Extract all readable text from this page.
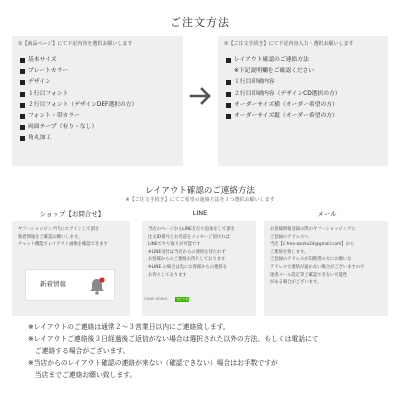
ご注文方法
①【商品ページ】にて下記内容を選択お願いします
基本サイズ
プレートカラー
デザイン
１行目フォント
２行目フォント（デザインDEF選択の方）
フォント・帯カラー
両面テープ（有り・なし）
角丸加工
②【ご注文手続き】にて下記内容入力・選択お願いします
レイアウト確認のご連絡方法
※下記説明欄をご確認ください
１行目印刷内容
２行目印刷内容（デザインCD選択の方）
オーダーサイズ横（オーダー希望の方）
オーダーサイズ縦（オーダー希望の方）
レイアウト確認のご連絡方法
※【ご注文手続き】にてご希望の連絡方法を１つ選択お願いします
ショップ【お問合せ】	LINE	メール
ヤフーショッピング内にログインして頂き
新着情報をご確認お願いします。
チャット機能でレイアウト画像を確認できます
当店のページからLINE友だち追加をして頂き
注文ID番号とお名前をメッセージ頂ければ
LINEでやり取りが可能です
※LINE受付は当店からの連絡を待たれず
お客様からのご連絡お待ちしております
※LINE の場合は先にお客様からの連絡を
お待ちしております
お客様情報登録の際のヤフーショッピングに
ご登録のアドレスへ
当店【c.free.works24@gmail.com】から
ご連絡を致します。
ご登録のアドレスが旧携帯の方にお願いな
アドレスで連絡が届かない場合がございますので
迷惑メール設定等ご確認できない可能性
がある場合がございます。
新着情報
FUJINE WORKS	友だち追加
※レイアウトのご連絡は通常２〜３営業日以内にご連絡致します。
※レイアウトご連絡後３日経過後ご返信がない場合は選択された以外の方法、もしくは電話にて
　ご連絡する場合がございます。
※当店からのレイアウト確認の連絡が来ない（確認できない）場合はお手数ですが
　当店までご連絡お願い致します。
